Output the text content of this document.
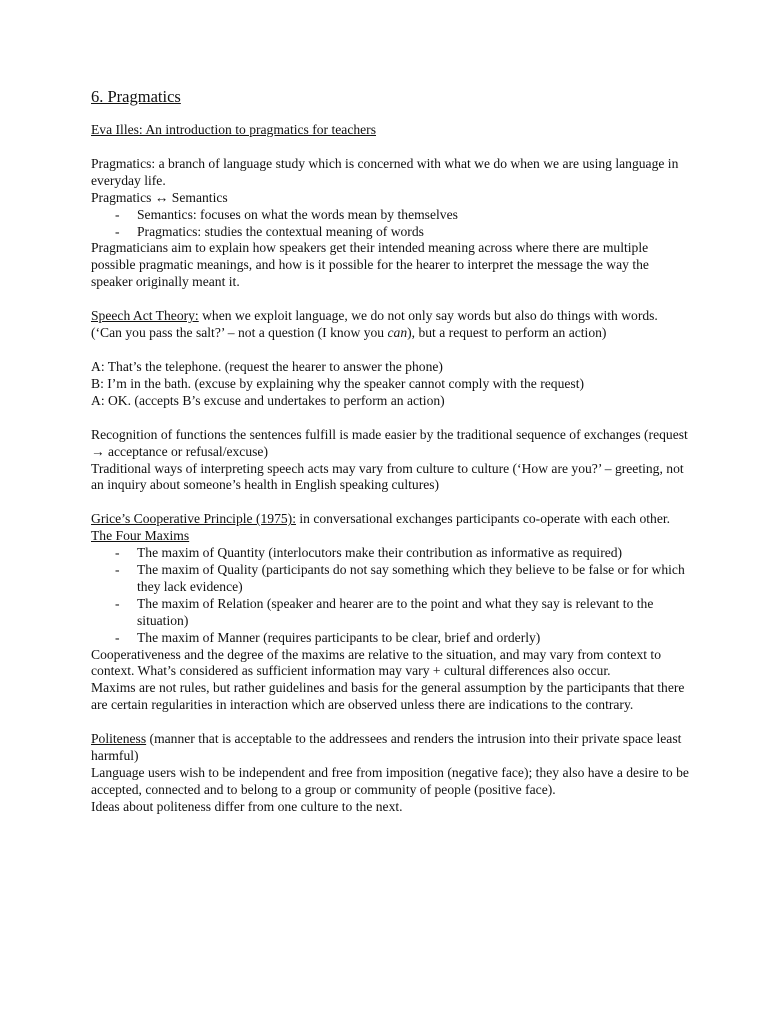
6. Pragmatics

Eva Illes: An introduction to pragmatics for teachers

Pragmatics: a branch of language study which is concerned with what we do when we are using language in everyday life.

Pragmatics ↔ Semantics

- Semantics: focuses on what the words mean by themselves
- Pragmatics: studies the contextual meaning of words

Pragmaticians aim to explain how speakers get their intended meaning across where there are multiple possible pragmatic meanings, and how is it possible for the hearer to interpret the message the way the speaker originally meant it.

Speech Act Theory: when we exploit language, we do not only say words but also do things with words. (‘Can you pass the salt?’ – not a question (I know you can), but a request to perform an action)

A: That’s the telephone. (request the hearer to answer the phone)

B: I’m in the bath. (excuse by explaining why the speaker cannot comply with the request)

A: OK. (accepts B’s excuse and undertakes to perform an action)

Recognition of functions the sentences fulfill is made easier by the traditional sequence of exchanges (request → acceptance or refusal/excuse)

Traditional ways of interpreting speech acts may vary from culture to culture (‘How are you?’ – greeting, not an inquiry about someone’s health in English speaking cultures)

Grice’s Cooperative Principle (1975): in conversational exchanges participants co-operate with each other.

The Four Maxims

- The maxim of Quantity (interlocutors make their contribution as informative as required)
- The maxim of Quality (participants do not say something which they believe to be false or for which they lack evidence)
- The maxim of Relation (speaker and hearer are to the point and what they say is relevant to the situation)
- The maxim of Manner (requires participants to be clear, brief and orderly)

Cooperativeness and the degree of the maxims are relative to the situation, and may vary from context to context. What’s considered as sufficient information may vary + cultural differences also occur.

Maxims are not rules, but rather guidelines and basis for the general assumption by the participants that there are certain regularities in interaction which are observed unless there are indications to the contrary.

Politeness (manner that is acceptable to the addressees and renders the intrusion into their private space least harmful)

Language users wish to be independent and free from imposition (negative face); they also have a desire to be accepted, connected and to belong to a group or community of people (positive face).

Ideas about politeness differ from one culture to the next.
